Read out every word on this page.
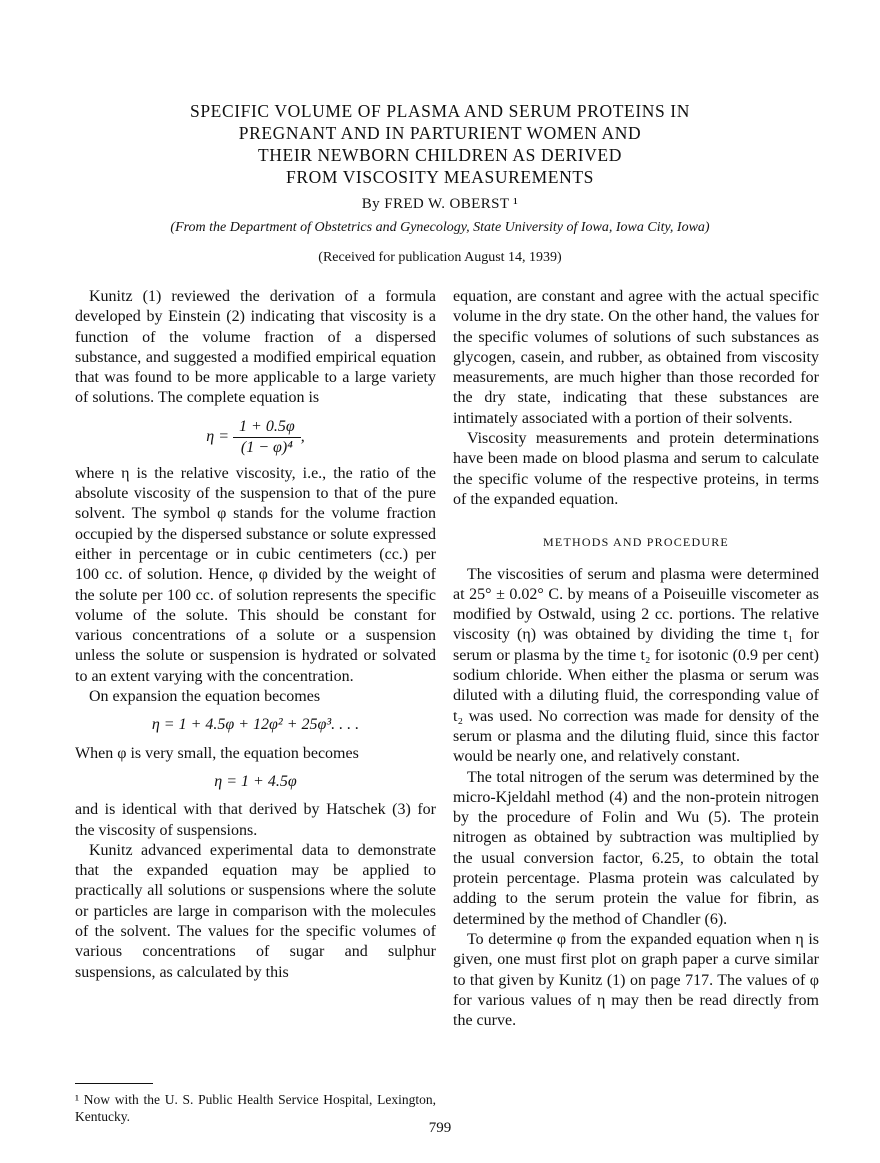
SPECIFIC VOLUME OF PLASMA AND SERUM PROTEINS IN
PREGNANT AND IN PARTURIENT WOMEN AND
THEIR NEWBORN CHILDREN AS DERIVED
FROM VISCOSITY MEASUREMENTS
By FRED W. OBERST ¹
(From the Department of Obstetrics and Gynecology, State University of Iowa, Iowa City, Iowa)
(Received for publication August 14, 1939)

Kunitz (1) reviewed the derivation of a formula developed by Einstein (2) indicating that viscosity is a function of the volume fraction of a dispersed substance, and suggested a modified empirical equation that was found to be more applicable to a large variety of solutions. The complete equation is

$\eta = \frac{1 + 0.5\varphi}{\text{(1 − φ)⁴}}$ ,

where η is the relative viscosity, i.e., the ratio of the absolute viscosity of the suspension to that of the pure solvent. The symbol φ stands for the volume fraction occupied by the dispersed substance or solute expressed either in percentage or in cubic centimeters (cc.) per 100 cc. of solution. Hence, φ divided by the weight of the solute per 100 cc. of solution represents the specific volume of the solute. This should be constant for various concentrations of a solute or a suspension unless the solute or suspension is hydrated or solvated to an extent varying with the concentration.

On expansion the equation becomes

η = 1 + 4.5φ + 12φ² + 25φ³. . . .

When φ is very small, the equation becomes

η = 1 + 4.5φ

and is identical with that derived by Hatschek (3) for the viscosity of suspensions.

Kunitz advanced experimental data to demonstrate that the expanded equation may be applied to practically all solutions or suspensions where the solute or particles are large in comparison with the molecules of the solvent. The values for the specific volumes of various concentrations of sugar and sulphur suspensions, as calculated by this

equation, are constant and agree with the actual specific volume in the dry state. On the other hand, the values for the specific volumes of solutions of such substances as glycogen, casein, and rubber, as obtained from viscosity measurements, are much higher than those recorded for the dry state, indicating that these substances are intimately associated with a portion of their solvents.

Viscosity measurements and protein determinations have been made on blood plasma and serum to calculate the specific volume of the respective proteins, in terms of the expanded equation.

METHODS AND PROCEDURE

The viscosities of serum and plasma were determined at 25° ± 0.02° C. by means of a Poiseuille viscometer as modified by Ostwald, using 2 cc. portions. The relative viscosity (η) was obtained by dividing the time t₁ for serum or plasma by the time t₂ for isotonic (0.9 per cent) sodium chloride. When either the plasma or serum was diluted with a diluting fluid, the corresponding value of t₂ was used. No correction was made for density of the serum or plasma and the diluting fluid, since this factor would be nearly one, and relatively constant.

The total nitrogen of the serum was determined by the micro-Kjeldahl method (4) and the non-protein nitrogen by the procedure of Folin and Wu (5). The protein nitrogen as obtained by subtraction was multiplied by the usual conversion factor, 6.25, to obtain the total protein percentage. Plasma protein was calculated by adding to the serum protein the value for fibrin, as determined by the method of Chandler (6).

To determine φ from the expanded equation when η is given, one must first plot on graph paper a curve similar to that given by Kunitz (1) on page 717. The values of φ for various values of η may then be read directly from the curve.

¹ Now with the U. S. Public Health Service Hospital, Lexington, Kentucky.
799
